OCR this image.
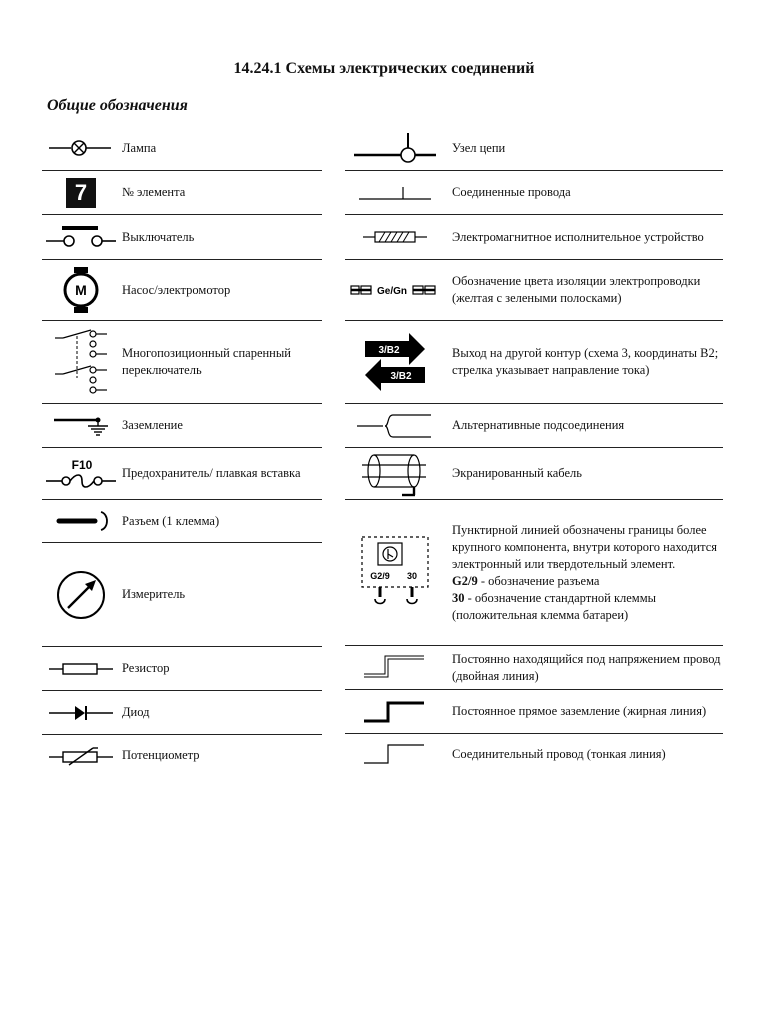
14.24.1 Схемы электрических соединений
Общие обозначения
Лампа
7	№ элемента
Выключатель
M	Насос/электромотор
Многопозиционный спаренный переключатель
Заземление
F10
Предохранитель/ плавкая вставка
Разъем (1 клемма)
Измеритель
Резистор
Диод
Потенциометр
Узел цепи
Соединенные провода
Электромагнитное исполнительное устройство
Ge/Gn
Обозначение цвета изоляции электропроводки (желтая с зелеными полосками)
3/B2
3/B2
Выход на другой контур (схема 3, координаты B2; стрелка указывает направление тока)
Альтернативные подсоединения
Экранированный кабель
G2/9 30
Пунктирной линией обозначены границы более крупного компонента, внутри которого находится электронный или твердотельный элемент.
G2/9 - обозначение разъема
30 - обозначение стандартной клеммы (положительная клемма батареи)
Постоянно находящийся под напряжением провод (двойная линия)
Постоянное прямое заземление (жирная линия)
Соединительный провод (тонкая линия)
